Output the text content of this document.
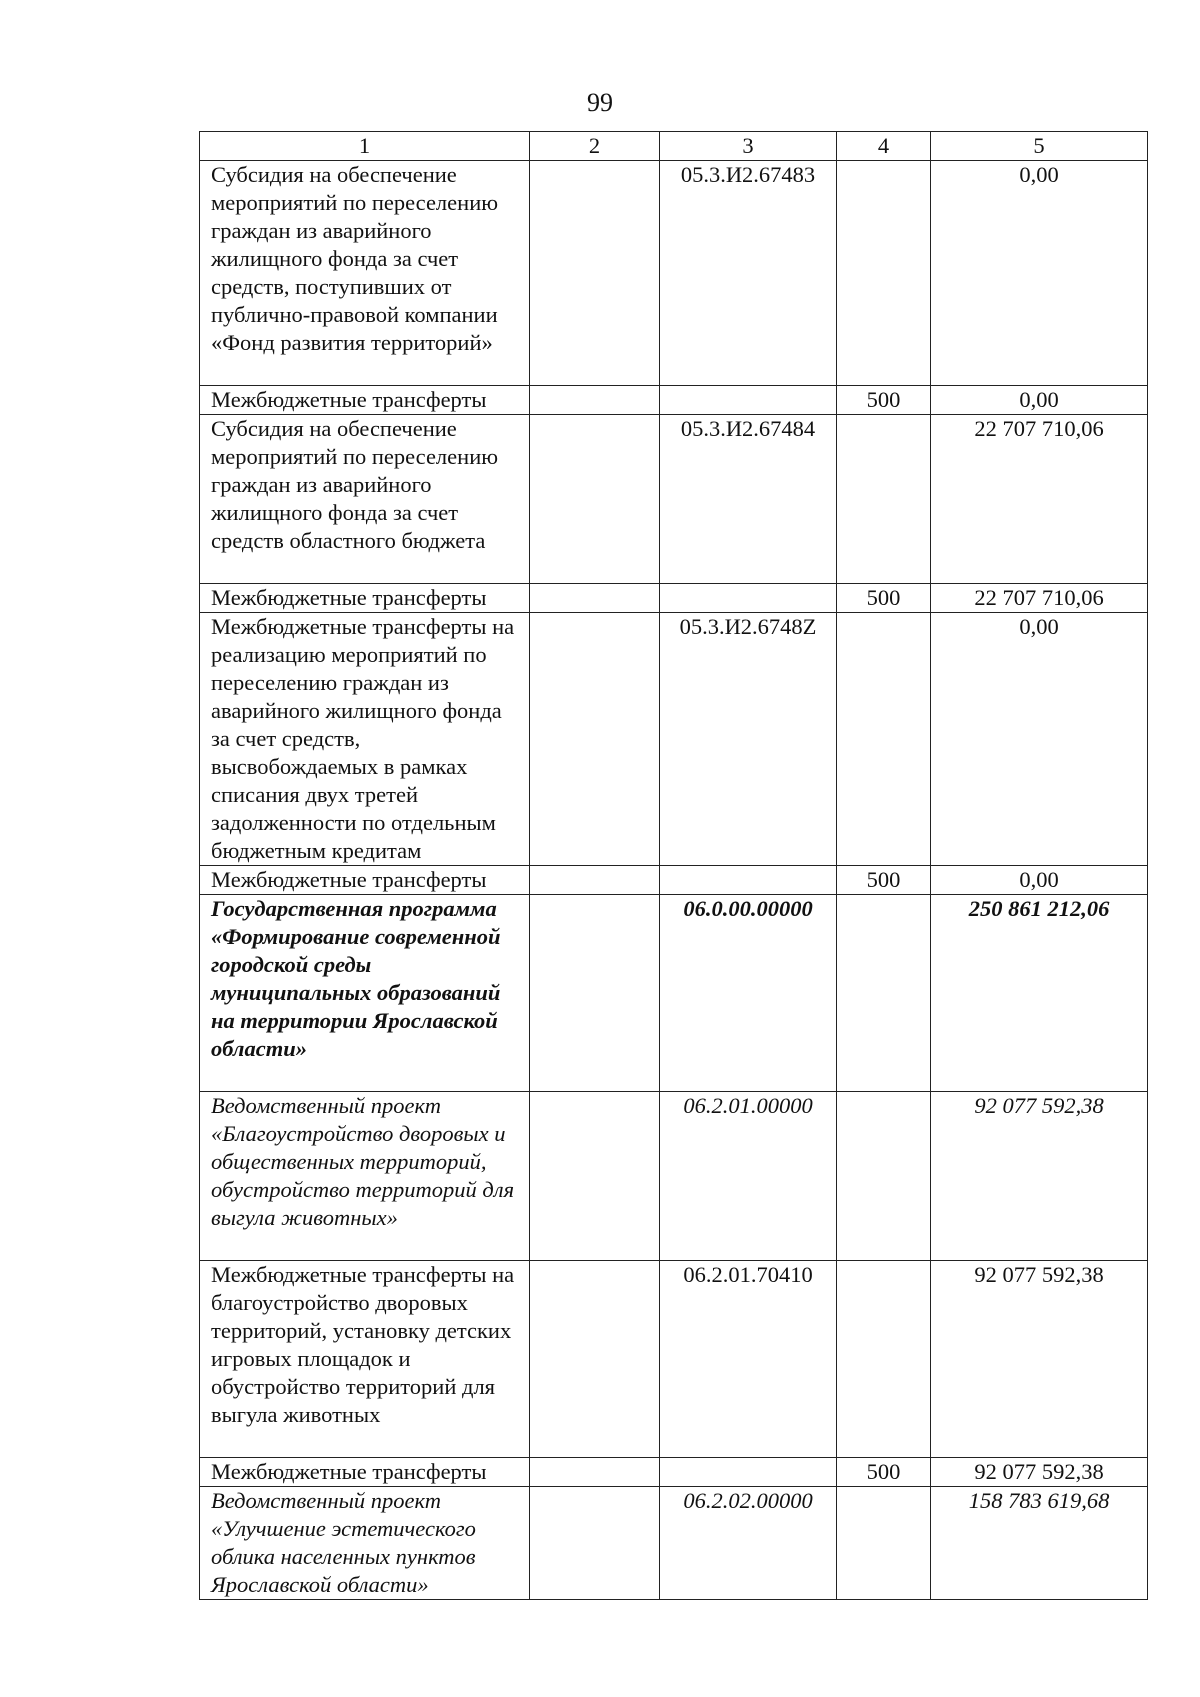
99
1	2	3	4	5
Субсидия на обеспечение мероприятий по переселению граждан из аварийного жилищного фонда за счет средств, поступивших от публично-правовой компании «Фонд развития территорий»		05.3.И2.67483		0,00
Межбюджетные трансферты			500	0,00
Субсидия на обеспечение мероприятий по переселению граждан из аварийного жилищного фонда за счет средств областного бюджета		05.3.И2.67484		22 707 710,06
Межбюджетные трансферты			500	22 707 710,06
Межбюджетные трансферты на реализацию мероприятий по переселению граждан из аварийного жилищного фонда за счет средств, высвобождаемых в рамках списания двух третей задолженности по отдельным бюджетным кредитам		05.3.И2.6748Z		0,00
Межбюджетные трансферты			500	0,00
Государственная программа «Формирование современной городской среды муниципальных образований на территории Ярославской области»		06.0.00.00000		250 861 212,06
Ведомственный проект «Благоустройство дворовых и общественных территорий, обустройство территорий для выгула животных»		06.2.01.00000		92 077 592,38
Межбюджетные трансферты на благоустройство дворовых территорий, установку детских игровых площадок и обустройство территорий для выгула животных		06.2.01.70410		92 077 592,38
Межбюджетные трансферты			500	92 077 592,38
Ведомственный проект «Улучшение эстетического облика населенных пунктов Ярославской области»		06.2.02.00000		158 783 619,68
